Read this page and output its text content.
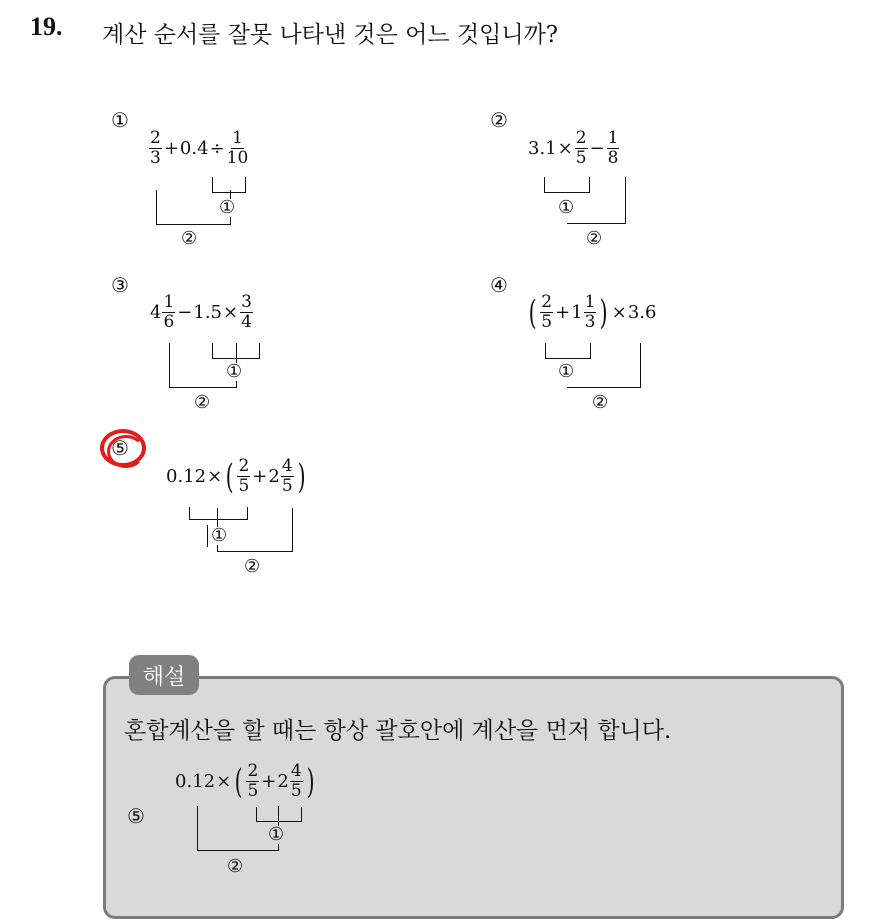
19. 계산 순서를 잘못 나타낸 것은 어느 것입니까?
①
$\frac{2}{3} + 0.4 \div \frac{1}{10}$
①
②
②
$3.1 \times \frac{2}{5} - \frac{1}{8}$
①
②
③
$4 \frac{1}{6} - 1.5 \times \frac{3}{4}$
①
②
④
( $\frac{2}{5} + 1 \frac{1}{3}$ ) × 3.6
①
②
⑤
0.12 × ( $\frac{2}{5} + 2 \frac{4}{5}$ )
①
②
해설
혼합계산을 할 때는 항상 괄호안에 계산을 먼저 합니다.
⑤
0.12 × ( $\frac{2}{5} + 2 \frac{4}{5}$ )
①
②
